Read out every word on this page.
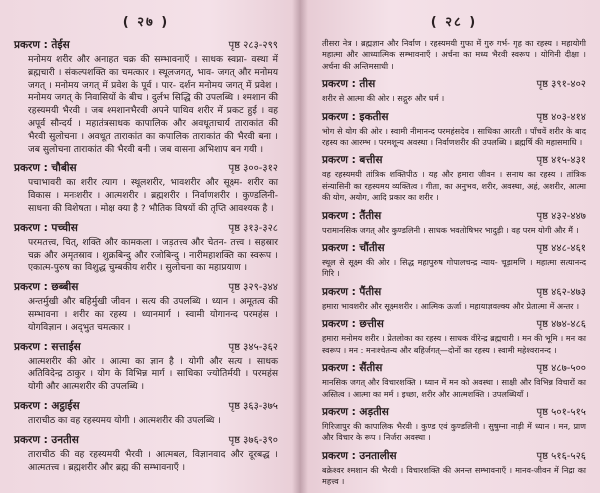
( २७ )
प्रकरण : तेईस	पृष्ठ २८३-२९९
मनोमय शरीर और अनाहत चक्र की सम्भावनाएँ । साधक स्वप्ना- वस्था में ब्रह्मचारी । संकल्पशक्ति का चमत्कार । स्थूलजगत्, भाव- जगत् और मनोमय जगत् । मनोमय जगत् में प्रवेश के पूर्व । पार- दर्शन मनोमय जगत् में प्रवेश । मनोमय जगत् के निवासियों के बीच । दुर्लभ सिद्धि की उपलब्धि । श्मशान की रहस्यमयी भैरवी । जब श्मशानभैरवी अपने पाथिव शरीर में प्रकट हुई । वह अपूर्व सौन्दर्य । महातंत्रसाधक कापालिक और अवधूताचार्य ताराकांत की भैरवी सुलोचना । अवधूत ताराकांत का कपालिक ताराकांत की भैरवी बना । जब सुलोचना ताराकांत की भैरवी बनी । जब वासना अभिशाप बन गयी ।
प्रकरण : चौबीस	पृष्ठ ३००-३१२
पचाभावरी का शरीर त्याग । स्थूलशरीर, भावशरीर और सूक्ष्म- शरीर का विकास । मनःशरीर । आत्मशरीर । ब्रह्मशरीर । निर्वाणशरीर । कुण्डलिनी-साधना की विशेषता । मोक्ष क्या है ? भौतिक विषयों की तृप्ति आवश्यक है ।
प्रकरण : पच्चीस	पृष्ठ ३१३-३२८
परमतत्त्व, चित्, शक्ति और कामकला । जड़तत्त्व और चेतन- तत्त्व । सहस्रार चक्र और अमृतस्राव । शुक्रबिन्दु और रजोबिन्दु । नारीमहाशक्ति का स्वरूप । एकात्म-पुरुष का विशुद्ध चुम्बकीय शरीर । सुलोचना का महाप्रयाण ।
प्रकरण : छब्बीस	पृष्ठ ३२९-३४४
अन्तर्मुखी और बहिर्मुखी जीवन । सत्य की उपलब्धि । ध्यान । अमूतत्व की सम्भावना । शरीर का रहस्य । ध्यानमार्ग । स्वामी योगानन्द परमहंस । योगविज्ञान । अद्‌भुत चमत्कार ।
प्रकरण : सत्ताईस	पृष्ठ ३४५-३६२
आत्मशरीर की ओर । आत्मा का ज्ञान है । योगी और सत्य । साधक अतिविदेन्द्र ठाकुर । योग के विभिन्न मार्ग । साधिका ज्योतिर्मयी । परमहंस योगी और आत्मशरीर की उपलब्धि ।
प्रकरण : अट्ठाईस	पृष्ठ ३६३-३७५
ताराचीठ का वह रहस्यमय योगी । आत्मशरीर की उपलब्धि ।
प्रकरण : उनतीस	पृष्ठ ३७६-३९०
ताराचीठ की वह रहस्यमयी भैरवी । आत्मबल, विज्ञानवाद और दूरबद्ध । आत्मतत्त्व । ब्रह्मशरीर और ब्रह्म की सम्भावनाएँ ।
( २८ )
तीसरा नेत्र । ब्रह्मज्ञान और निर्वाण । रहस्यमयी गुफा में गुरु गर्भ- गृह का रहस्य । महायोगी महात्मा और आध्यात्मिक सम्भावनाएँ । अर्चना का मध्य भैरवी स्वरूप । योगिनी दीक्षा । अर्चना की अन्तिमसाधी ।
प्रकरण : तीस	पृष्ठ ३९१-४०२
शरीर से आत्मा की ओर । सद्गुरु और धर्म ।
प्रकरण : इकतीस	पृष्ठ ४०३-४१४
भोग से योग की ओर । स्वामी नीमानन्द परमहंसदेव । साधिका आरती । पाँचवें शरीर के बाद रहस्य का आरम्भ । परमशून्य अवस्था । निर्वाणशरीर की उपलब्धि । ब्रह्मर्षि की महासमाधि ।
प्रकरण : बत्तीस	पृष्ठ ४१५-४३१
वह रहस्यमयी तांत्रिक शक्तिपीठ । यह और हमारा जीवन । सनाथ का रहस्य । तांत्रिक संन्यासिनी का रहस्यमय व्यक्तित्व । गीता, का अनुभव, शरीर, अवस्था, अहं, अशरीर, आत्मा की योग, अयोग, आदि प्रकार का शरीर ।
प्रकरण : तैंतीस	पृष्ठ ४३२-४४७
परामानसिक जगत् और कुण्डलिनी । साधक भवतोषिभर भादुड़ी । वह परम योगी और मैं ।
प्रकरण : चौंतीस	पृष्ठ ४४८-४६१
स्थूल से सूक्ष्म की ओर । सिद्ध महापुरुष गोपालचन्द्र न्याय- चूड़ामणि । महात्मा सत्यानन्द गिरि ।
प्रकरण : पैंतीस	पृष्ठ ४६२-४७३
हमारा भावशरीर और सूक्ष्मशरीर । आत्मिक ऊर्जा । महायाज्ञवल्क्य और प्रेतात्मा में अन्तर ।
प्रकरण : छत्तीस	पृष्ठ ४७४-४८६
हमारा मनोमय शरीर । प्रेतलोका का रहस्य । साधक वीरेन्द्र ब्रह्मचारी । मन की भूमि । मन का स्वरूप । मन : मनःश्चेतन्य और बहिर्जगत्—दोनों का रहस्य । स्वामी महेश्वरानन्द ।
प्रकरण : सैंतीस	पृष्ठ ४८७-५००
मानसिक जगत् और विचारशक्ति । ध्यान में मन को अवस्था । साक्षी और विभिन्न विचारों का अस्तित्व । आत्मा का मर्म । इच्छा, शरीर और आत्मशक्ति । उपलब्धियाँ ।
प्रकरण : अड़तीस	पृष्ठ ५०१-५१५
गिरिजापुर की कापालिक भैरवी । कुण्ड एवं कुण्डलिनी । सुषुम्ना नाड़ी में ध्यान । मन, प्राण और विचार के रूप । निर्जरा अवस्था ।
प्रकरण : उनतालीस	पृष्ठ ५१६-५२६
बक्रेश्वर श्मशान की भैरवी । विचारशक्ति की अनन्त सम्भावनाएँ । मानव-जीवन में निद्रा का महत्त्व ।
